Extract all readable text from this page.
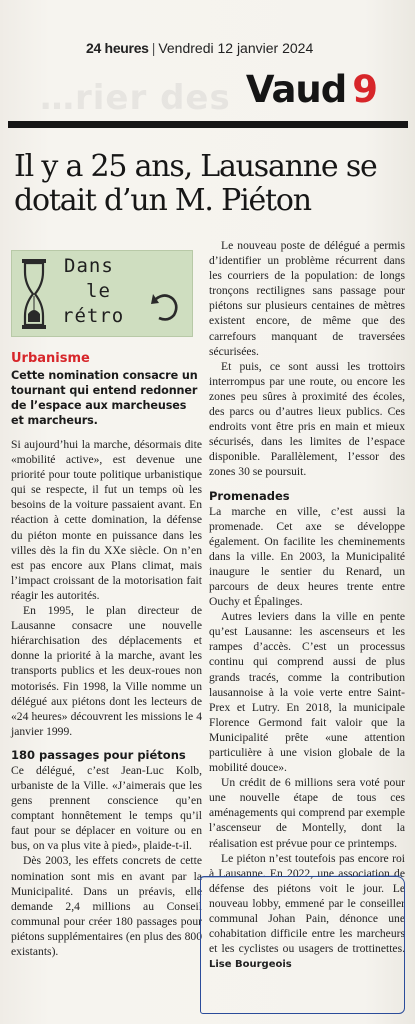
…rier des
24 heures | Vendredi 12 janvier 2024
Vaud 9
Il y a 25 ans, Lausanne se dotait d’un M. Piéton
Dans
le
rétro
Urbanisme
Cette nomination consacre un tournant qui entend redonner de l’espace aux marcheuses et marcheurs.

Si aujourd’hui la marche, désormais dite «mobilité active», est devenue une priorité pour toute politique urbanistique qui se respecte, il fut un temps où les besoins de la voiture passaient avant. En réaction à cette domination, la défense du piéton monte en puissance dans les villes dès la fin du XXe siècle. On n’en est pas encore aux Plans climat, mais l’impact croissant de la motorisation fait réagir les autorités.

En 1995, le plan directeur de Lausanne consacre une nouvelle hiérarchisation des déplacements et donne la priorité à la marche, avant les transports publics et les deux-roues non motorisés. Fin 1998, la Ville nomme un délégué aux piétons dont les lecteurs de «24 heures» découvrent les missions le 4 janvier 1999.

180 passages pour piétons

Ce délégué, c’est Jean-Luc Kolb, urbaniste de la Ville. «J’aimerais que les gens prennent conscience qu’en comptant honnêtement le temps qu’il faut pour se déplacer en voiture ou en bus, on va plus vite à pied», plaide-t-il.

Dès 2003, les effets concrets de cette nomination sont mis en avant par la Municipalité. Dans un préavis, elle demande 2,4 millions au Conseil communal pour créer 180 passages pour piétons supplémentaires (en plus des 800 existants).

Le nouveau poste de délégué a permis d’identifier un problème récurrent dans les courriers de la population: de longs tronçons rectilignes sans passage pour piétons sur plusieurs centaines de mètres existent encore, de même que des carrefours manquant de traversées sécurisées.

Et puis, ce sont aussi les trottoirs interrompus par une route, ou encore les zones peu sûres à proximité des écoles, des parcs ou d’autres lieux publics. Ces endroits vont être pris en main et mieux sécurisés, dans les limites de l’espace disponible. Parallèlement, l’essor des zones 30 se poursuit.

Promenades

La marche en ville, c’est aussi la promenade. Cet axe se développe également. On facilite les cheminements dans la ville. En 2003, la Municipalité inaugure le sentier du Renard, un parcours de deux heures trente entre Ouchy et Épalinges.

Autres leviers dans la ville en pente qu’est Lausanne: les ascenseurs et les rampes d’accès. C’est un processus continu qui comprend aussi de plus grands tracés, comme la contribution lausannoise à la voie verte entre Saint-Prex et Lutry. En 2018, la municipale Florence Germond fait valoir que la Municipalité prête «une attention particulière à une vision globale de la mobilité douce».

Un crédit de 6 millions sera voté pour une nouvelle étape de tous ces aménagements qui comprend par exemple l’ascenseur de Montelly, dont la réalisation est prévue pour ce printemps.

Le piéton n’est toutefois pas encore roi à Lausanne. En 2022, une association de défense des piétons voit le jour. Le nouveau lobby, emmené par le conseiller communal Johan Pain, dénonce une cohabitation difficile entre les marcheurs et les cyclistes ou usagers de trottinettes. Lise Bourgeois
